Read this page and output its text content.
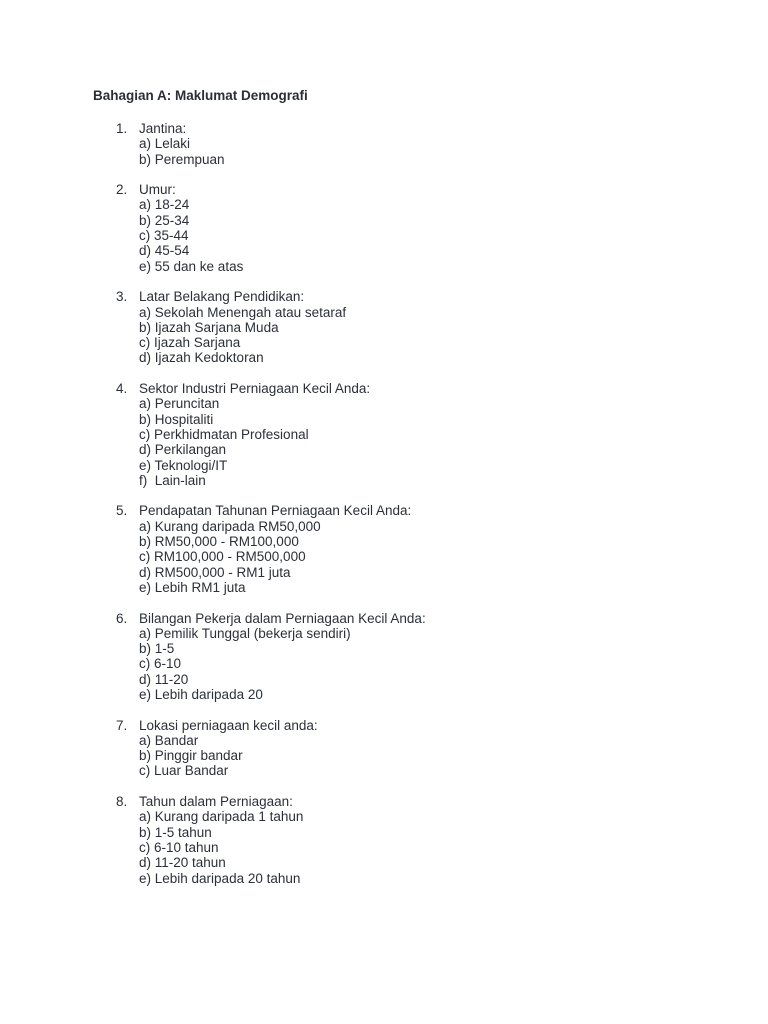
Bahagian A: Maklumat Demografi
1. Jantina:
a) Lelaki
b) Perempuan
2. Umur:
a) 18-24
b) 25-34
c) 35-44
d) 45-54
e) 55 dan ke atas
3. Latar Belakang Pendidikan:
a) Sekolah Menengah atau setaraf
b) Ijazah Sarjana Muda
c) Ijazah Sarjana
d) Ijazah Kedoktoran
4. Sektor Industri Perniagaan Kecil Anda:
a) Peruncitan
b) Hospitaliti
c) Perkhidmatan Profesional
d) Perkilangan
e) Teknologi/IT
f)  Lain-lain
5. Pendapatan Tahunan Perniagaan Kecil Anda:
a) Kurang daripada RM50,000
b) RM50,000 - RM100,000
c) RM100,000 - RM500,000
d) RM500,000 - RM1 juta
e) Lebih RM1 juta
6. Bilangan Pekerja dalam Perniagaan Kecil Anda:
a) Pemilik Tunggal (bekerja sendiri)
b) 1-5
c) 6-10
d) 11-20
e) Lebih daripada 20
7. Lokasi perniagaan kecil anda:
a) Bandar
b) Pinggir bandar
c) Luar Bandar
8. Tahun dalam Perniagaan:
a) Kurang daripada 1 tahun
b) 1-5 tahun
c) 6-10 tahun
d) 11-20 tahun
e) Lebih daripada 20 tahun
